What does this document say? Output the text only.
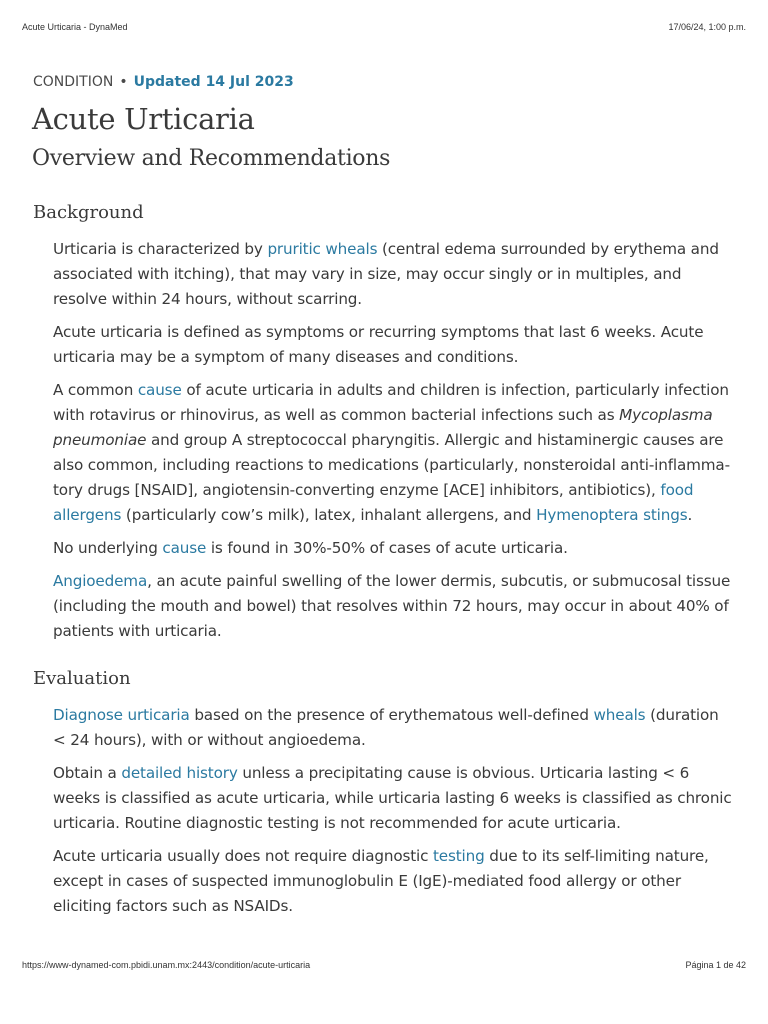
Acute Urticaria - DynaMed	17/06/24, 1:00 p.m.
CONDITION • Updated 14 Jul 2023
Acute Urticaria
Overview and Recommendations
Background

Urticaria is characterized by pruritic wheals (central edema surrounded by erythema and associated with itching), that may vary in size, may occur singly or in multiples, and resolve within 24 hours, without scarring.

Acute urticaria is defined as symptoms or recurring symptoms that last 6 weeks. Acute urticaria may be a symptom of many diseases and conditions.

A common cause of acute urticaria in adults and children is infection, particularly infection with rotavirus or rhinovirus, as well as common bacterial infections such as Mycoplasma pneumoniae and group A streptococcal pharyngitis. Allergic and histaminergic causes are also common, including reactions to medications (particularly, nonsteroidal anti-inflammatory drugs [NSAID], angiotensin-converting enzyme [ACE] inhibitors, antibiotics), food allergens (particularly cow’s milk), latex, inhalant allergens, and Hymenoptera stings.

No underlying cause is found in 30%-50% of cases of acute urticaria.

Angioedema, an acute painful swelling of the lower dermis, subcutis, or submucosal tissue (including the mouth and bowel) that resolves within 72 hours, may occur in about 40% of patients with urticaria.

Evaluation

Diagnose urticaria based on the presence of erythematous well-defined wheals (duration < 24 hours), with or without angioedema.

Obtain a detailed history unless a precipitating cause is obvious. Urticaria lasting < 6 weeks is classified as acute urticaria, while urticaria lasting 6 weeks is classified as chronic urticaria. Routine diagnostic testing is not recommended for acute urticaria.

Acute urticaria usually does not require diagnostic testing due to its self-limiting nature, except in cases of suspected immunoglobulin E (IgE)-mediated food allergy or other eliciting factors such as NSAIDs.

https://www-dynamed-com.pbidi.unam.mx:2443/condition/acute-urticaria	Página 1 de 42
